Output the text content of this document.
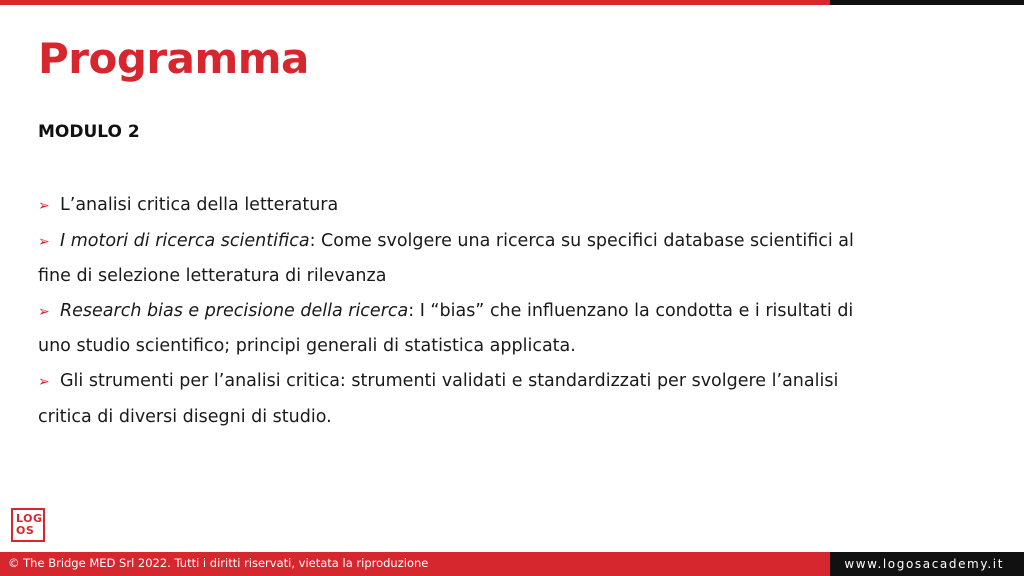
Programma
MODULO 2
➢ L’analisi critica della letteratura
➢ I motori di ricerca scientifica: Come svolgere una ricerca su specifici database scientifici al
fine di selezione letteratura di rilevanza
➢ Research bias e precisione della ricerca: I “bias” che influenzano la condotta e i risultati di
uno studio scientifico; principi generali di statistica applicata.
➢ Gli strumenti per l’analisi critica: strumenti validati e standardizzati per svolgere l’analisi
critica di diversi disegni di studio.
LOG
OS
© The Bridge MED Srl 2022. Tutti i diritti riservati, vietata la riproduzione	www.logosacademy.it
